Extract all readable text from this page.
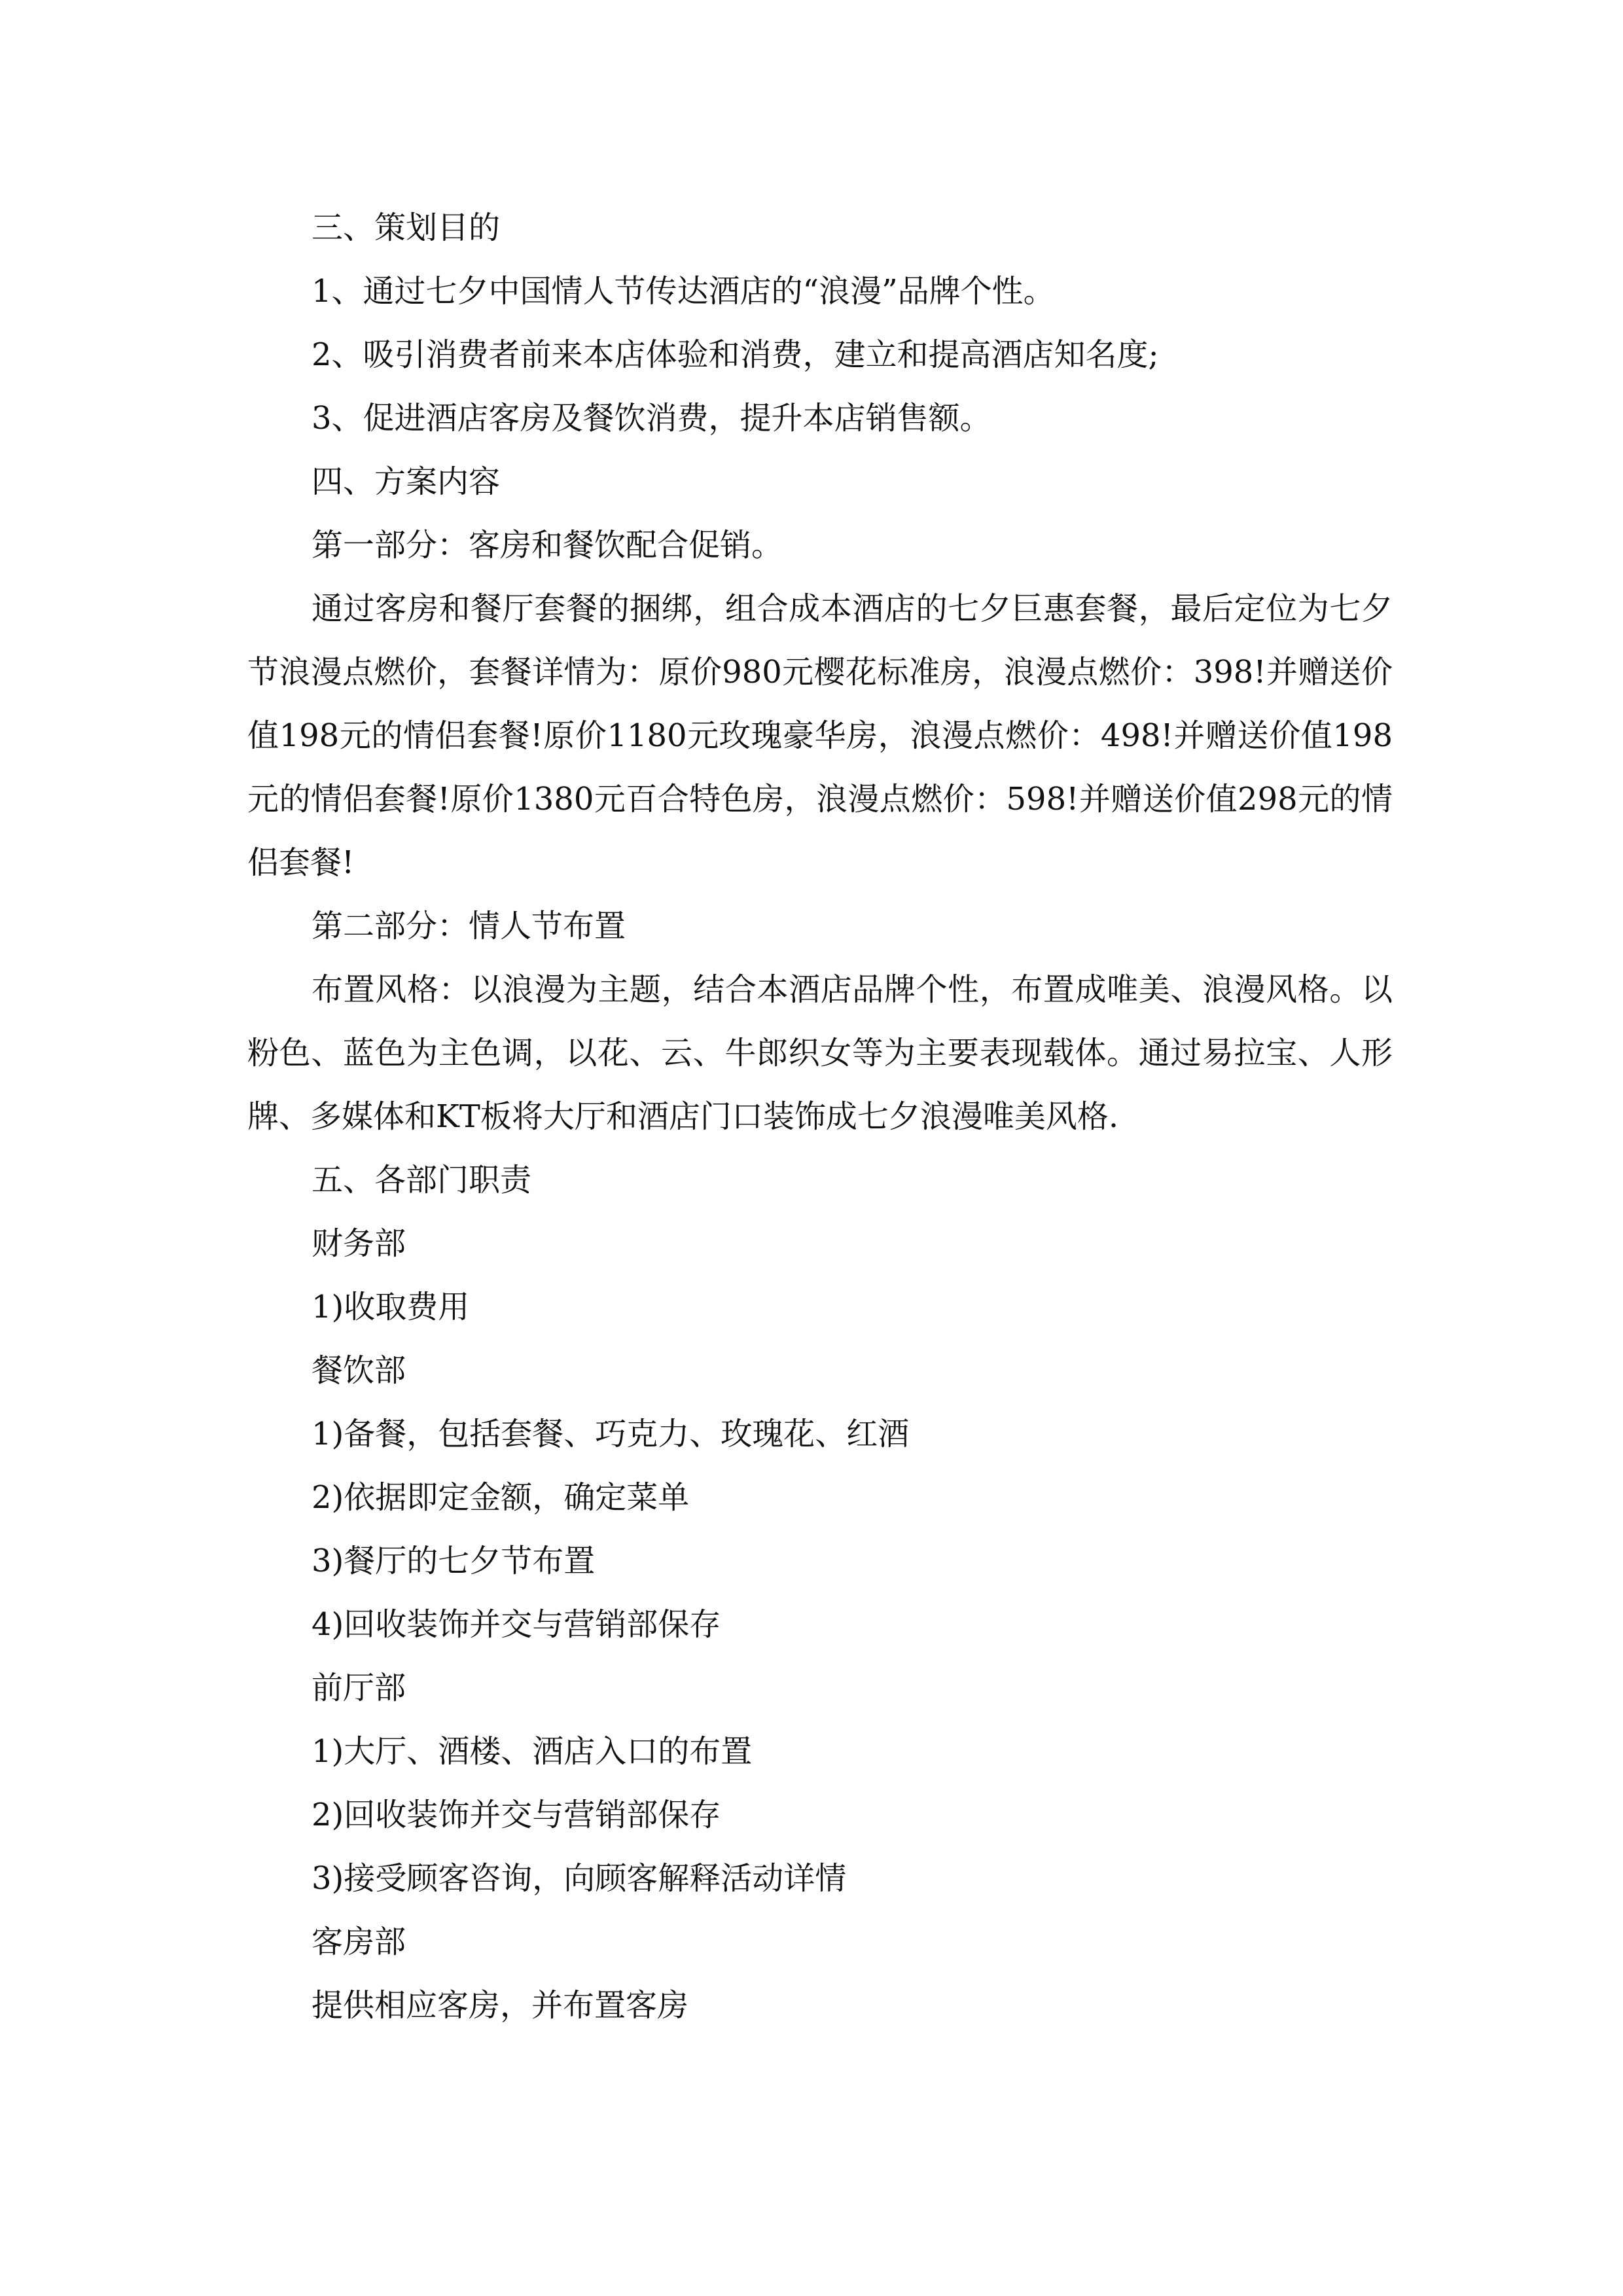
三、策划目的
1、通过七夕中国情人节传达酒店的“浪漫”品牌个性。
2、吸引消费者前来本店体验和消费，建立和提高酒店知名度;
3、促进酒店客房及餐饮消费，提升本店销售额。
四、方案内容
第一部分：客房和餐饮配合促销。

通过客房和餐厅套餐的捆绑，组合成本酒店的七夕巨惠套餐，最后定位为七夕节浪漫点燃价，套餐详情为：原价980元樱花标准房，浪漫点燃价：398!并赠送价值198元的情侣套餐!原价1180元玫瑰豪华房，浪漫点燃价：498!并赠送价值198元的情侣套餐!原价1380元百合特色房，浪漫点燃价：598!并赠送价值298元的情侣套餐!

第二部分：情人节布置

布置风格：以浪漫为主题，结合本酒店品牌个性，布置成唯美、浪漫风格。以粉色、蓝色为主色调，以花、云、牛郎织女等为主要表现载体。通过易拉宝、人形牌、多媒体和KT板将大厅和酒店门口装饰成七夕浪漫唯美风格.

五、各部门职责
财务部
1)收取费用
餐饮部
1)备餐，包括套餐、巧克力、玫瑰花、红酒
2)依据即定金额，确定菜单
3)餐厅的七夕节布置
4)回收装饰并交与营销部保存
前厅部
1)大厅、酒楼、酒店入口的布置
2)回收装饰并交与营销部保存
3)接受顾客咨询，向顾客解释活动详情
客房部
提供相应客房，并布置客房
